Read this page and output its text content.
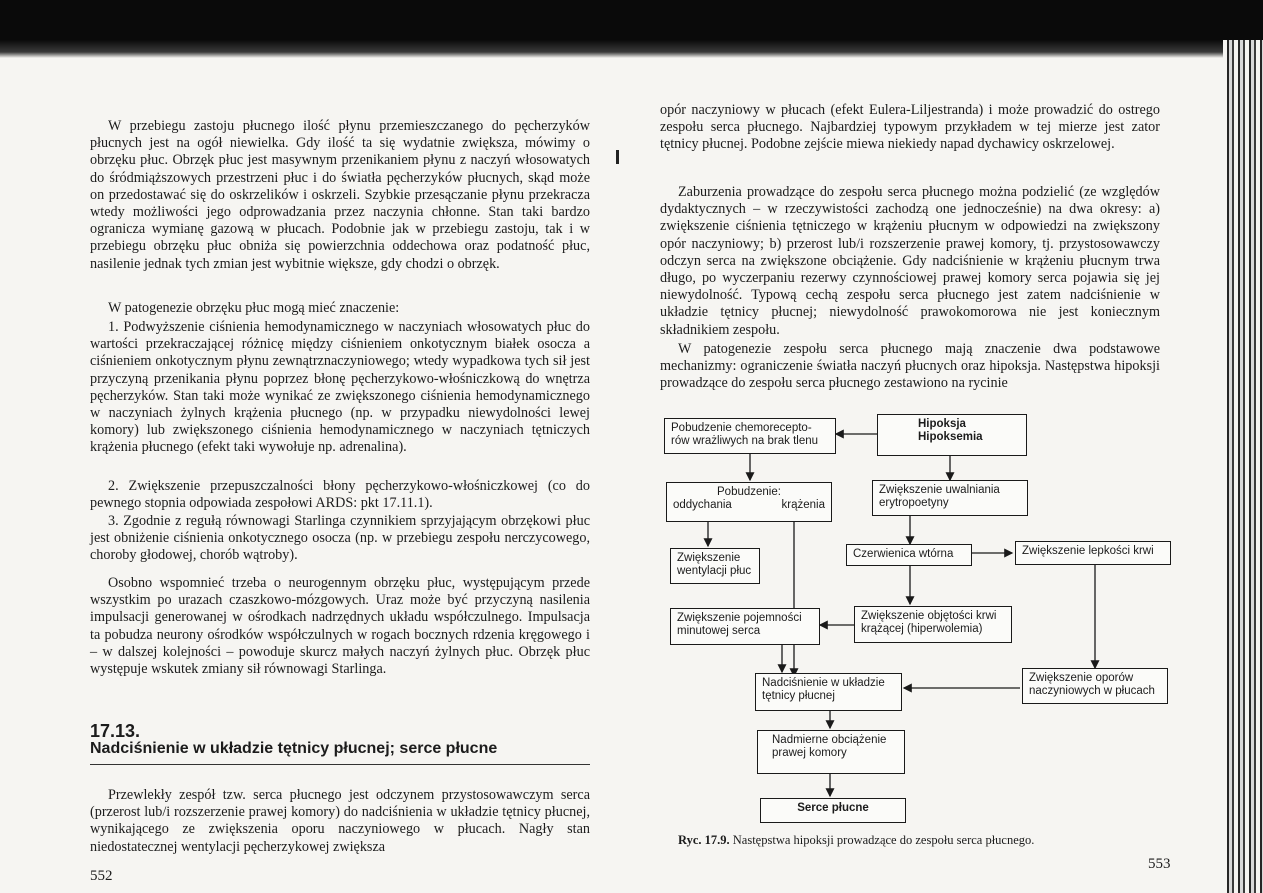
W przebiegu zastoju płucnego ilość płynu przemieszczanego do pęcherzyków płucnych jest na ogół niewielka. Gdy ilość ta się wydatnie zwiększa, mówimy o obrzęku płuc. Obrzęk płuc jest masywnym przenikaniem płynu z naczyń włosowatych do śródmiąższowych przestrzeni płuc i do światła pęcherzyków płucnych, skąd może on przedostawać się do oskrzelików i oskrzeli. Szybkie przesączanie płynu przekracza wtedy możliwości jego odprowadzania przez naczynia chłonne. Stan taki bardzo ogranicza wymianę gazową w płucach. Podobnie jak w przebiegu zastoju, tak i w przebiegu obrzęku płuc obniża się powierzchnia oddechowa oraz podatność płuc, nasilenie jednak tych zmian jest wybitnie większe, gdy chodzi o obrzęk.

W patogenezie obrzęku płuc mogą mieć znaczenie:

1. Podwyższenie ciśnienia hemodynamicznego w naczyniach włosowatych płuc do wartości przekraczającej różnicę między ciśnieniem onkotycznym białek osocza a ciśnieniem onkotycznym płynu zewnątrznaczyniowego; wtedy wypadkowa tych sił jest przyczyną przenikania płynu poprzez błonę pęcherzykowo-włośniczkową do wnętrza pęcherzyków. Stan taki może wynikać ze zwiększonego ciśnienia hemodynamicznego w naczyniach żylnych krążenia płucnego (np. w przypadku niewydolności lewej komory) lub zwiększonego ciśnienia hemodynamicznego w naczyniach tętniczych krążenia płucnego (efekt taki wywołuje np. adrenalina).

2. Zwiększenie przepuszczalności błony pęcherzykowo-włośniczkowej (co do pewnego stopnia odpowiada zespołowi ARDS: pkt 17.11.1).

3. Zgodnie z regułą równowagi Starlinga czynnikiem sprzyjającym obrzękowi płuc jest obniżenie ciśnienia onkotycznego osocza (np. w przebiegu zespołu nerczycowego, choroby głodowej, chorób wątroby).

Osobno wspomnieć trzeba o neurogennym obrzęku płuc, występującym przede wszystkim po urazach czaszkowo-mózgowych. Uraz może być przyczyną nasilenia impulsacji generowanej w ośrodkach nadrzędnych układu współczulnego. Impulsacja ta pobudza neurony ośrodków współczulnych w rogach bocznych rdzenia kręgowego i – w dalszej kolejności – powoduje skurcz małych naczyń żylnych płuc. Obrzęk płuc występuje wskutek zmiany sił równowagi Starlinga.

17.13.

Nadciśnienie w układzie tętnicy płucnej; serce płucne

Przewlekły zespół tzw. serca płucnego jest odczynem przystosowawczym serca (przerost lub/i rozszerzenie prawej komory) do nadciśnienia w układzie tętnicy płucnej, wynikającego ze zwiększenia oporu naczyniowego w płucach. Nagły stan niedostatecznej wentylacji pęcherzykowej zwiększa

552

opór naczyniowy w płucach (efekt Eulera-Liljestranda) i może prowadzić do ostrego zespołu serca płucnego. Najbardziej typowym przykładem w tej mierze jest zator tętnicy płucnej. Podobne zejście miewa niekiedy napad dychawicy oskrzelowej.

Zaburzenia prowadzące do zespołu serca płucnego można podzielić (ze względów dydaktycznych – w rzeczywistości zachodzą one jednocześnie) na dwa okresy: a) zwiększenie ciśnienia tętniczego w krążeniu płucnym w odpowiedzi na zwiększony opór naczyniowy; b) przerost lub/i rozszerzenie prawej komory, tj. przystosowawczy odczyn serca na zwiększone obciążenie. Gdy nadciśnienie w krążeniu płucnym trwa długo, po wyczerpaniu rezerwy czynnościowej prawej komory serca pojawia się jej niewydolność. Typową cechą zespołu serca płucnego jest zatem nadciśnienie w układzie tętnicy płucnej; niewydolność prawokomorowa nie jest koniecznym składnikiem zespołu.

W patogenezie zespołu serca płucnego mają znaczenie dwa podstawowe mechanizmy: ograniczenie światła naczyń płucnych oraz hipoksja. Następstwa hipoksji prowadzące do zespołu serca płucnego zestawiono na rycinie

553

Pobudzenie chemorecepto-rów wrażliwych na brak tlenu
Hipoksja
Hipoksemia
Pobudzenie:
oddychania	krążenia
Zwiększenie uwalniania erytropoetyny
Zwiększenie wentylacji płuc
Czerwienica wtórna	Zwiększenie lepkości krwi
Zwiększenie pojemności minutowej serca
Zwiększenie objętości krwi krążącej (hiperwolemia)
Nadciśnienie w układzie tętnicy płucnej
Zwiększenie oporów naczyniowych w płucach
Nadmierne obciążenie prawej komory
Serce płucne

Ryc. 17.9. Następstwa hipoksji prowadzące do zespołu serca płucnego.
